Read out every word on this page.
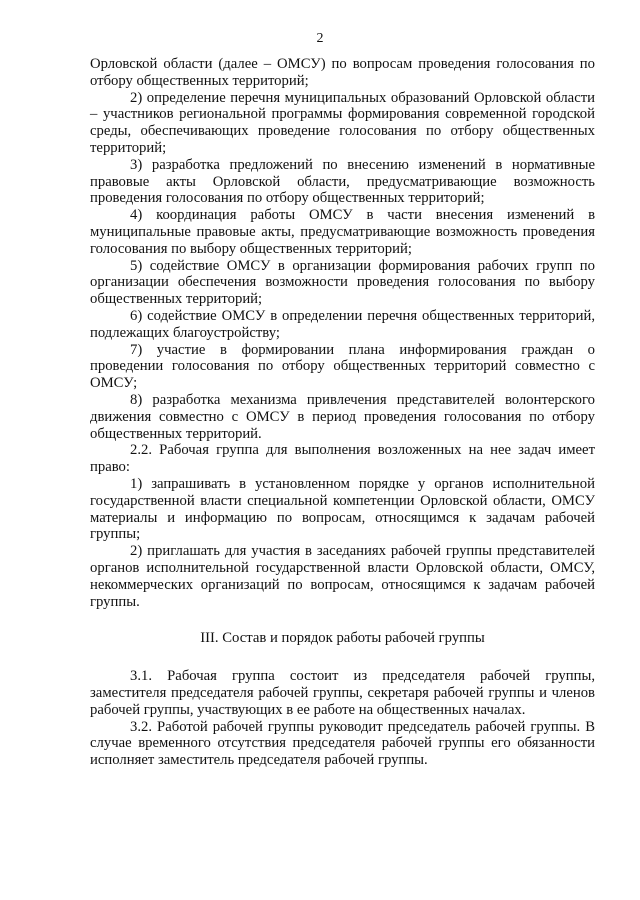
2

Орловской области (далее – ОМСУ) по вопросам проведения голосования по отбору общественных территорий;

2) определение перечня муниципальных образований Орловской области – участников региональной программы формирования современной городской среды, обеспечивающих проведение голосования по отбору общественных территорий;

3) разработка предложений по внесению изменений в нормативные правовые акты Орловской области, предусматривающие возможность проведения голосования по отбору общественных территорий;

4) координация работы ОМСУ в части внесения изменений в муниципальные правовые акты, предусматривающие возможность проведения голосования по выбору общественных территорий;

5) содействие ОМСУ в организации формирования рабочих групп по организации обеспечения возможности проведения голосования по выбору общественных территорий;

6) содействие ОМСУ в определении перечня общественных территорий, подлежащих благоустройству;

7) участие в формировании плана информирования граждан о проведении голосования по отбору общественных территорий совместно с ОМСУ;

8) разработка механизма привлечения представителей волонтерского движения совместно с ОМСУ в период проведения голосования по отбору общественных территорий.

2.2. Рабочая группа для выполнения возложенных на нее задач имеет право:

1) запрашивать в установленном порядке у органов исполнительной государственной власти специальной компетенции Орловской области, ОМСУ материалы и информацию по вопросам, относящимся к задачам рабочей группы;

2) приглашать для участия в заседаниях рабочей группы представителей органов исполнительной государственной власти Орловской области, ОМСУ, некоммерческих организаций по вопросам, относящимся к задачам рабочей группы.

III. Состав и порядок работы рабочей группы

3.1. Рабочая группа состоит из председателя рабочей группы, заместителя председателя рабочей группы, секретаря рабочей группы и членов рабочей группы, участвующих в ее работе на общественных началах.

3.2. Работой рабочей группы руководит председатель рабочей группы. В случае временного отсутствия председателя рабочей группы его обязанности исполняет заместитель председателя рабочей группы.
